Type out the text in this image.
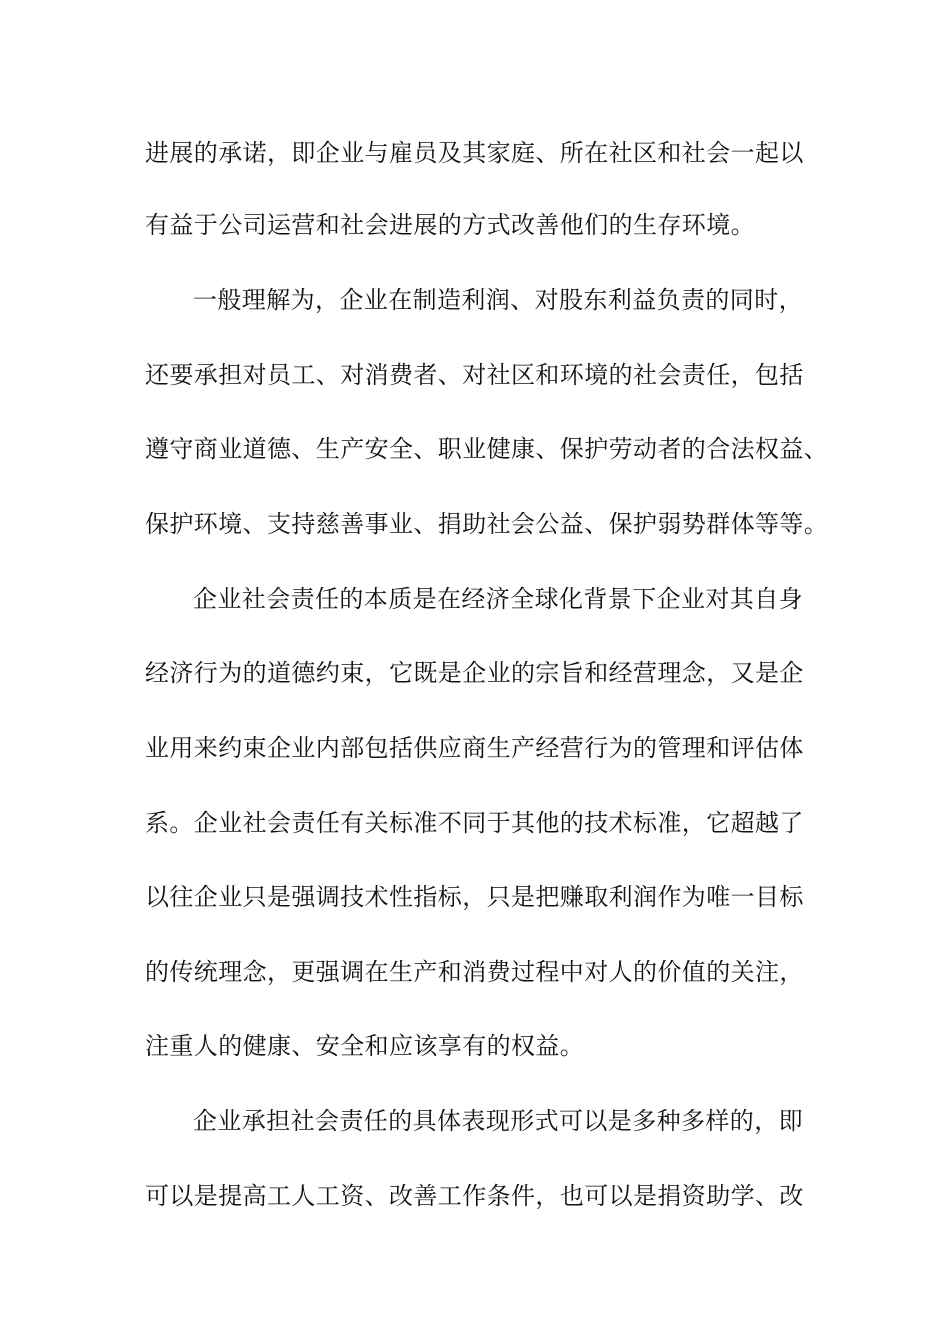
进展的承诺，即企业与雇员及其家庭、所在社区和社会一起以
有益于公司运营和社会进展的方式改善他们的生存环境。
一般理解为，企业在制造利润、对股东利益负责的同时，
还要承担对员工、对消费者、对社区和环境的社会责任，包括
遵守商业道德、生产安全、职业健康、保护劳动者的合法权益、
保护环境、支持慈善事业、捐助社会公益、保护弱势群体等等。
企业社会责任的本质是在经济全球化背景下企业对其自身
经济行为的道德约束，它既是企业的宗旨和经营理念，又是企
业用来约束企业内部包括供应商生产经营行为的管理和评估体
系。企业社会责任有关标准不同于其他的技术标准，它超越了
以往企业只是强调技术性指标，只是把赚取利润作为唯一目标
的传统理念，更强调在生产和消费过程中对人的价值的关注，
注重人的健康、安全和应该享有的权益。
企业承担社会责任的具体表现形式可以是多种多样的，即
可以是提高工人工资、改善工作条件，也可以是捐资助学、改
